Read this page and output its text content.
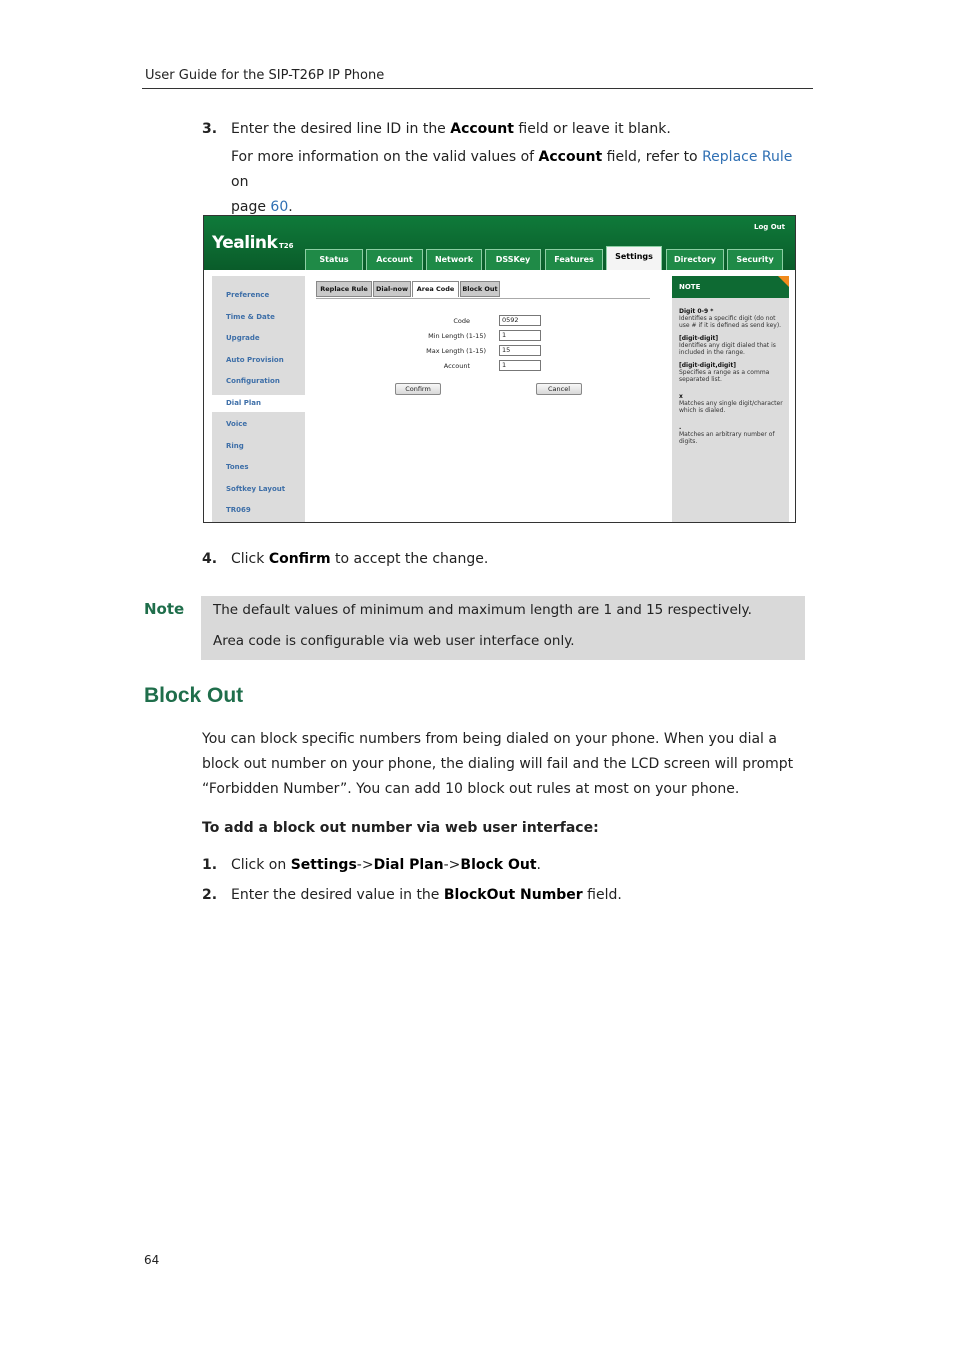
User Guide for the SIP-T26P IP Phone
3. Enter the desired line ID in the Account field or leave it blank.
For more information on the valid values of Account field, refer to Replace Rule on
page 60.
Yealink T26
Log Out
Status	Account	Network	DSSKey	Features	Settings	Directory	Security
Preference
Time & Date
Upgrade
Auto Provision
Configuration
Dial Plan
Voice
Ring
Tones
Softkey Layout
TR069
Replace Rule	Dial-now	Area Code	Block Out
Code	0592
Min Length (1-15)	1
Max Length (1-15)	15
Account	1
Confirm	Cancel
NOTE
Digit 0-9 *
Identifies a specific digit (do not use # if it is defined as send key).
[digit-digit]
Identifies any digit dialed that is included in the range.
[digit-digit,digit]
Specifies a range as a comma separated list.
x
Matches any single digit/character which is dialed.
.
Matches an arbitrary number of digits.
4. Click Confirm to accept the change.
Note The default values of minimum and maximum length are 1 and 15 respectively.
Area code is configurable via web user interface only.
Block Out
You can block specific numbers from being dialed on your phone. When you dial a
block out number on your phone, the dialing will fail and the LCD screen will prompt
“Forbidden Number”. You can add 10 block out rules at most on your phone.
To add a block out number via web user interface:
1. Click on Settings->Dial Plan->Block Out.
2. Enter the desired value in the BlockOut Number field.
64
